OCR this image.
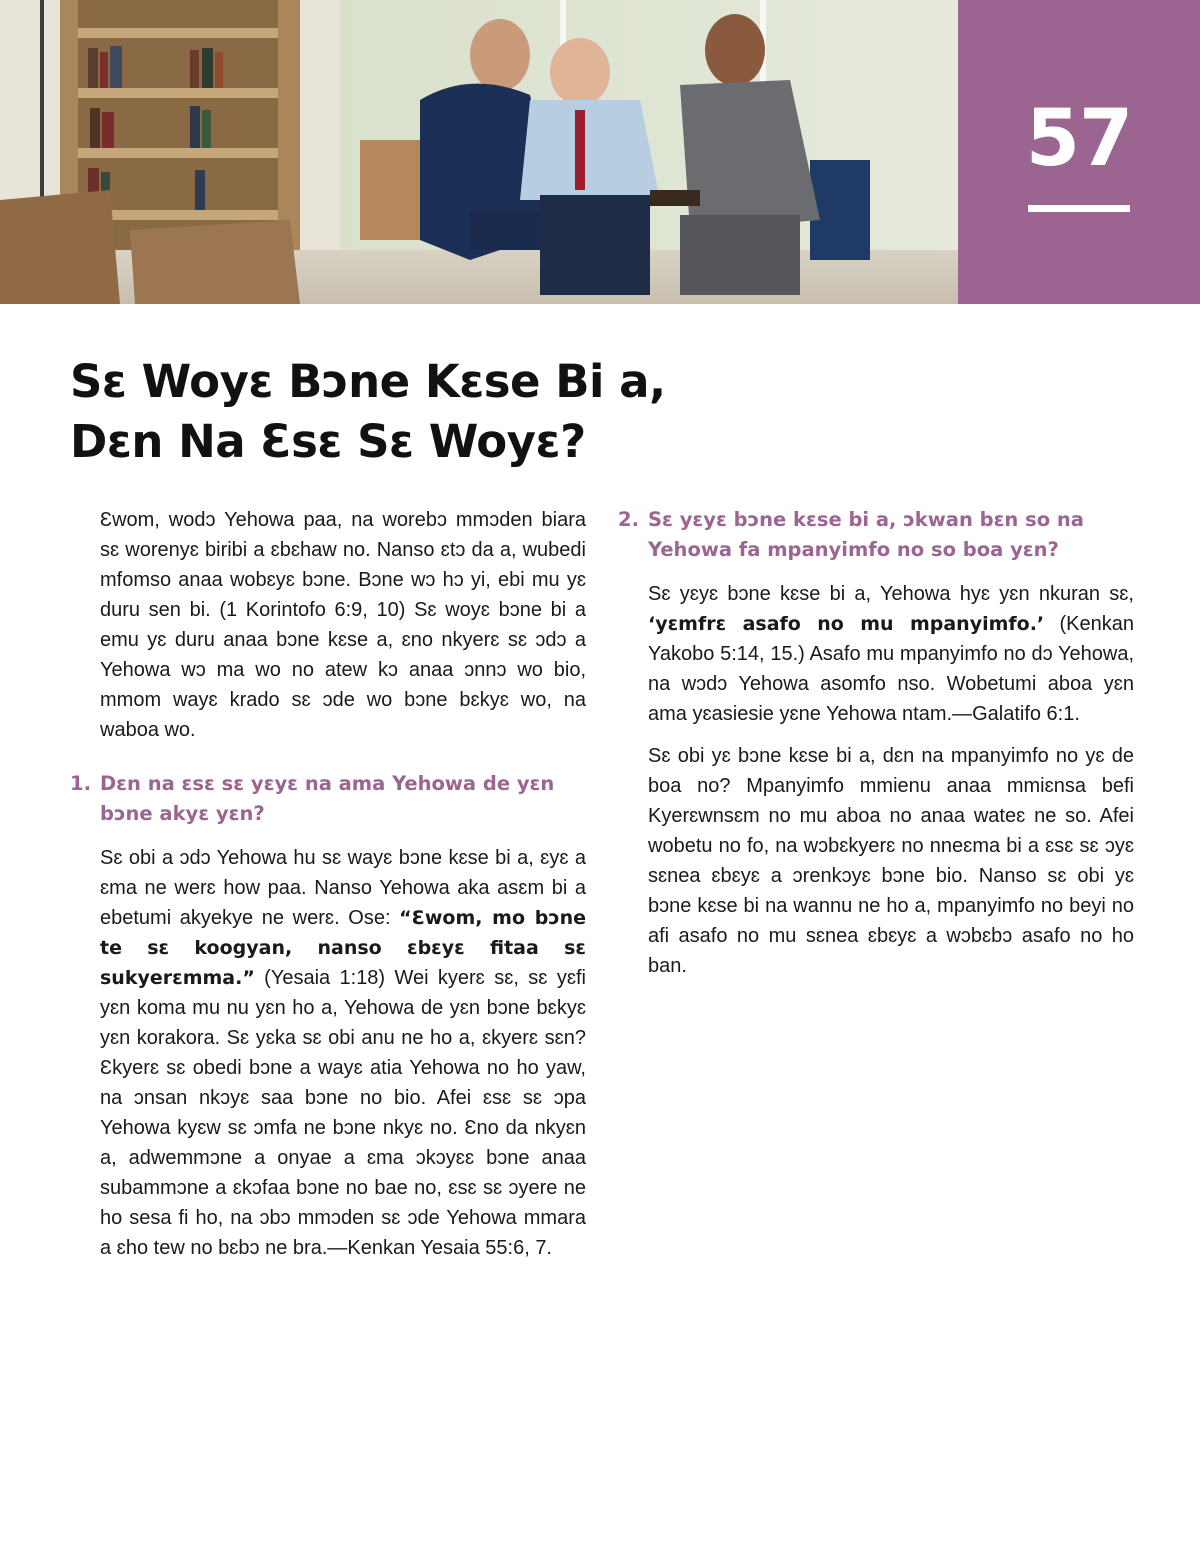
57
Sɛ Woyɛ Bɔne Kɛse Bi a,
Dɛn Na Ɛsɛ Sɛ Woyɛ?

Ɛwom, wodɔ Yehowa paa, na worebɔ mmɔden biara sɛ worenyɛ biribi a ɛbɛhaw no. Nanso ɛtɔ da a, wubedi mfomso anaa wobɛyɛ bɔne. Bɔne wɔ hɔ yi, ebi mu yɛ duru sen bi. (1 Korintofo 6:9, 10) Sɛ woyɛ bɔne bi a emu yɛ duru anaa bɔne kɛse a, ɛno nkyerɛ sɛ ɔdɔ a Yehowa wɔ ma wo no atew kɔ anaa ɔnnɔ wo bio, mmom wayɛ krado sɛ ɔde wo bɔne bɛkyɛ wo, na waboa wo.

1. Dɛn na ɛsɛ sɛ yɛyɛ na ama Yehowa de yɛn bɔne akyɛ yɛn?

Sɛ obi a ɔdɔ Yehowa hu sɛ wayɛ bɔne kɛse bi a, ɛyɛ a ɛma ne werɛ how paa. Nanso Yehowa aka asɛm bi a ebetumi akyekye ne werɛ. Ose: “Ɛwom, mo bɔne te sɛ koogyan, nanso ɛbɛyɛ fitaa sɛ sukyerɛmma.” (Yesaia 1:18) Wei kyerɛ sɛ, sɛ yɛfi yɛn koma mu nu yɛn ho a, Yehowa de yɛn bɔne bɛkyɛ yɛn korakora. Sɛ yɛka sɛ obi anu ne ho a, ɛkyerɛ sɛn? Ɛkyerɛ sɛ obedi bɔne a wayɛ atia Yehowa no ho yaw, na ɔnsan nkɔyɛ saa bɔne no bio. Afei ɛsɛ sɛ ɔpa Yehowa kyɛw sɛ ɔmfa ne bɔne nkyɛ no. Ɛno da nkyɛn a, adwemmɔne a onyae a ɛma ɔkɔyɛɛ bɔne anaa subammɔne a ɛkɔfaa bɔne no bae no, ɛsɛ sɛ ɔyere ne ho sesa fi ho, na ɔbɔ mmɔden sɛ ɔde Yehowa mmara a ɛho tew no bɛbɔ ne bra.—Kenkan Yesaia 55:6, 7.

2. Sɛ yɛyɛ bɔne kɛse bi a, ɔkwan bɛn so na Yehowa fa mpanyimfo no so boa yɛn?

Sɛ yɛyɛ bɔne kɛse bi a, Yehowa hyɛ yɛn nkuran sɛ, ‘yɛmfrɛ asafo no mu mpanyimfo.’ (Kenkan Yakobo 5:14, 15.) Asafo mu mpanyimfo no dɔ Yehowa, na wɔdɔ Yehowa asomfo nso. Wobetumi aboa yɛn ama yɛasiesie yɛne Yehowa ntam.—Galatifo 6:1.

Sɛ obi yɛ bɔne kɛse bi a, dɛn na mpanyimfo no yɛ de boa no? Mpanyimfo mmienu anaa mmiɛnsa befi Kyerɛwnsɛm no mu aboa no anaa wateɛ ne so. Afei wobetu no fo, na wɔbɛkyerɛ no nneɛma bi a ɛsɛ sɛ ɔyɛ sɛnea ɛbɛyɛ a ɔrenkɔyɛ bɔne bio. Nanso sɛ obi yɛ bɔne kɛse bi na wannu ne ho a, mpanyimfo no beyi no afi asafo no mu sɛnea ɛbɛyɛ a wɔbɛbɔ asafo no ho ban.
